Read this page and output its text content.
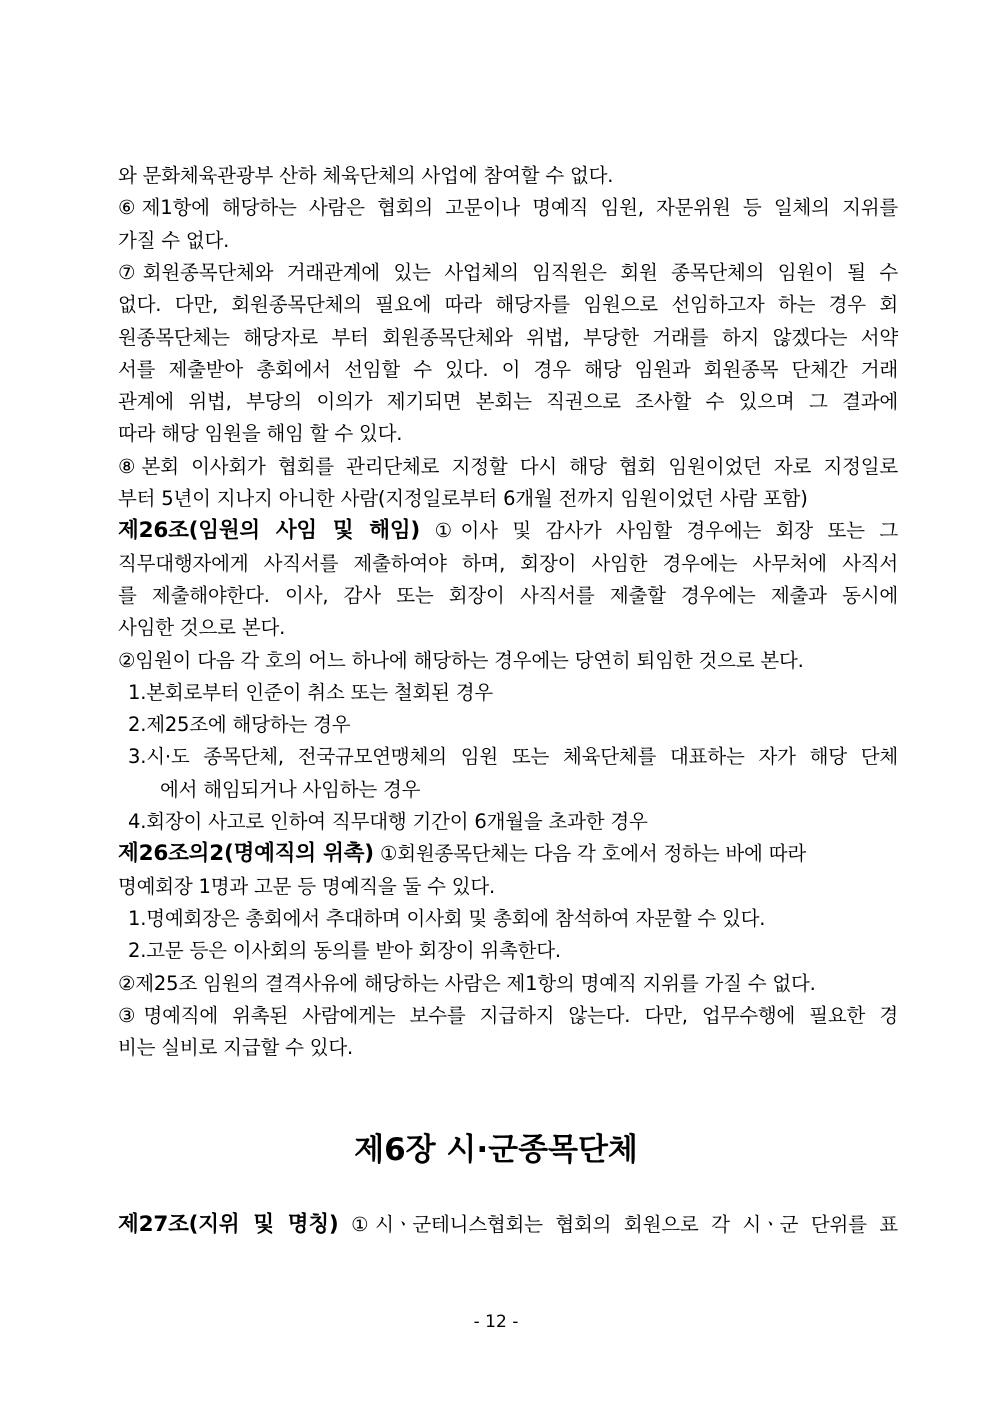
와 문화체육관광부 산하 체육단체의 사업에 참여할 수 없다.
⑥제1항에 해당하는 사람은 협회의 고문이나 명예직 임원, 자문위원 등 일체의 지위를
가질 수 없다.
⑦회원종목단체와 거래관계에 있는 사업체의 임직원은 회원 종목단체의 임원이 될 수
없다. 다만, 회원종목단체의 필요에 따라 해당자를 임원으로 선임하고자 하는 경우 회
원종목단체는 해당자로 부터 회원종목단체와 위법, 부당한 거래를 하지 않겠다는 서약
서를 제출받아 총회에서 선임할 수 있다. 이 경우 해당 임원과 회원종목 단체간 거래
관계에 위법, 부당의 이의가 제기되면 본회는 직권으로 조사할 수 있으며 그 결과에
따라 해당 임원을 해임 할 수 있다.
⑧본회 이사회가 협회를 관리단체로 지정할 다시 해당 협회 임원이었던 자로 지정일로
부터 5년이 지나지 아니한 사람(지정일로부터 6개월 전까지 임원이었던 사람 포함)
제26조(임원의 사임 및 해임) ①이사 및 감사가 사임할 경우에는 회장 또는 그
직무대행자에게 사직서를 제출하여야 하며, 회장이 사임한 경우에는 사무처에 사직서
를 제출해야한다. 이사, 감사 또는 회장이 사직서를 제출할 경우에는 제출과 동시에
사임한 것으로 본다.
②임원이 다음 각 호의 어느 하나에 해당하는 경우에는 당연히 퇴임한 것으로 본다.
1.본회로부터 인준이 취소 또는 철회된 경우
2.제25조에 해당하는 경우
3.시·도 종목단체, 전국규모연맹체의 임원 또는 체육단체를 대표하는 자가 해당 단체
에서 해임되거나 사임하는 경우
4.회장이 사고로 인하여 직무대행 기간이 6개월을 초과한 경우
제26조의2(명예직의 위촉) ①회원종목단체는 다음 각 호에서 정하는 바에 따라
명예회장 1명과 고문 등 명예직을 둘 수 있다.
1.명예회장은 총회에서 추대하며 이사회 및 총회에 참석하여 자문할 수 있다.
2.고문 등은 이사회의 동의를 받아 회장이 위촉한다.
②제25조 임원의 결격사유에 해당하는 사람은 제1항의 명예직 지위를 가질 수 없다.
③명예직에 위촉된 사람에게는 보수를 지급하지 않는다. 다만, 업무수행에 필요한 경
비는 실비로 지급할 수 있다.
제6장 시·군종목단체
제27조(지위 및 명칭) ①시ㆍ군테니스협회는 협회의 회원으로 각 시ㆍ군 단위를 표
- 12 -
